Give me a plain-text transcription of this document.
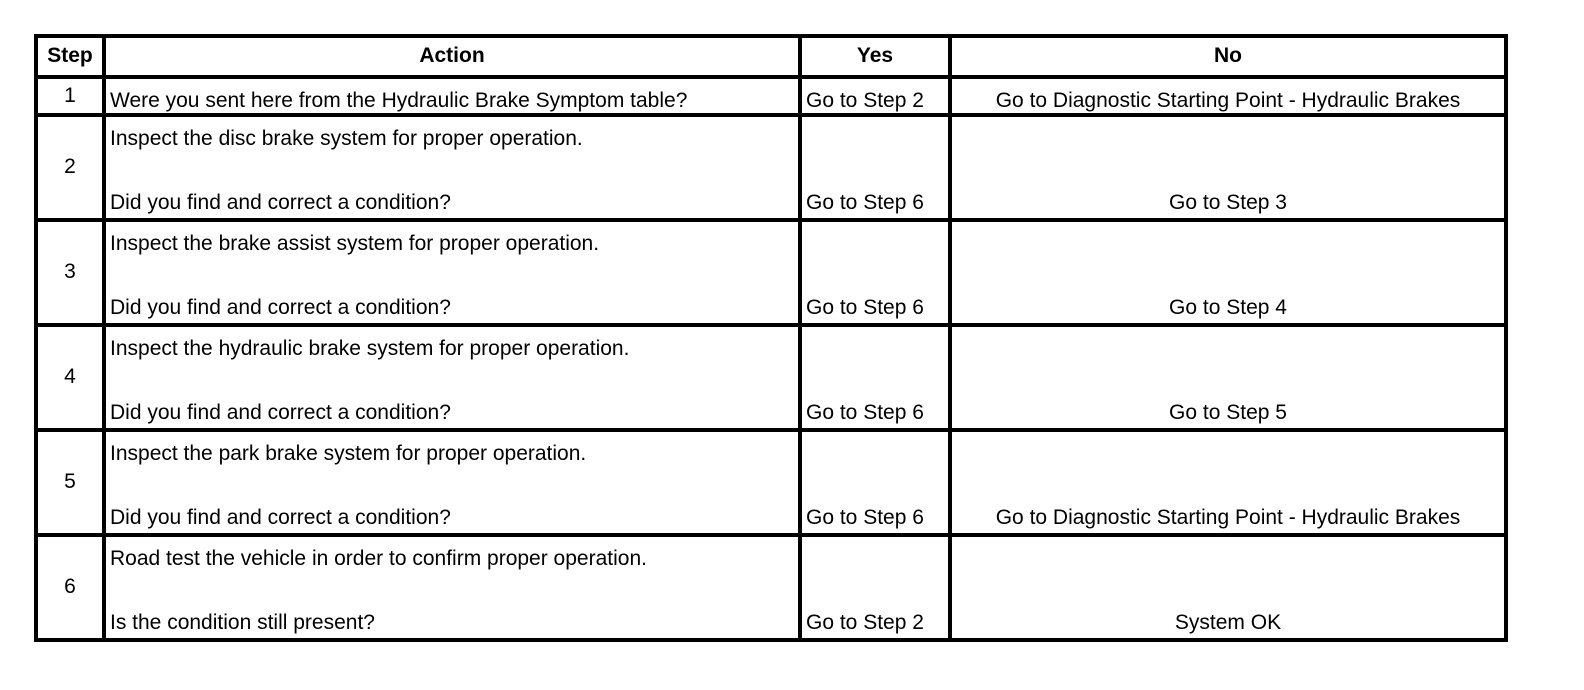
Step	Action	Yes	No
1	Were you sent here from the Hydraulic Brake Symptom table?	Go to Step 2	Go to Diagnostic Starting Point - Hydraulic Brakes
2	Inspect the disc brake system for proper operation.
Did you find and correct a condition?	Go to Step 6	Go to Step 3

3	Inspect the brake assist system for proper operation.
Did you find and correct a condition?	Go to Step 6	Go to Step 4

4	Inspect the hydraulic brake system for proper operation.
Did you find and correct a condition?	Go to Step 6	Go to Step 5

5	Inspect the park brake system for proper operation.
Did you find and correct a condition?	Go to Step 6	Go to Diagnostic Starting Point - Hydraulic Brakes

6	Road test the vehicle in order to confirm proper operation.
Is the condition still present?	Go to Step 2	System OK
